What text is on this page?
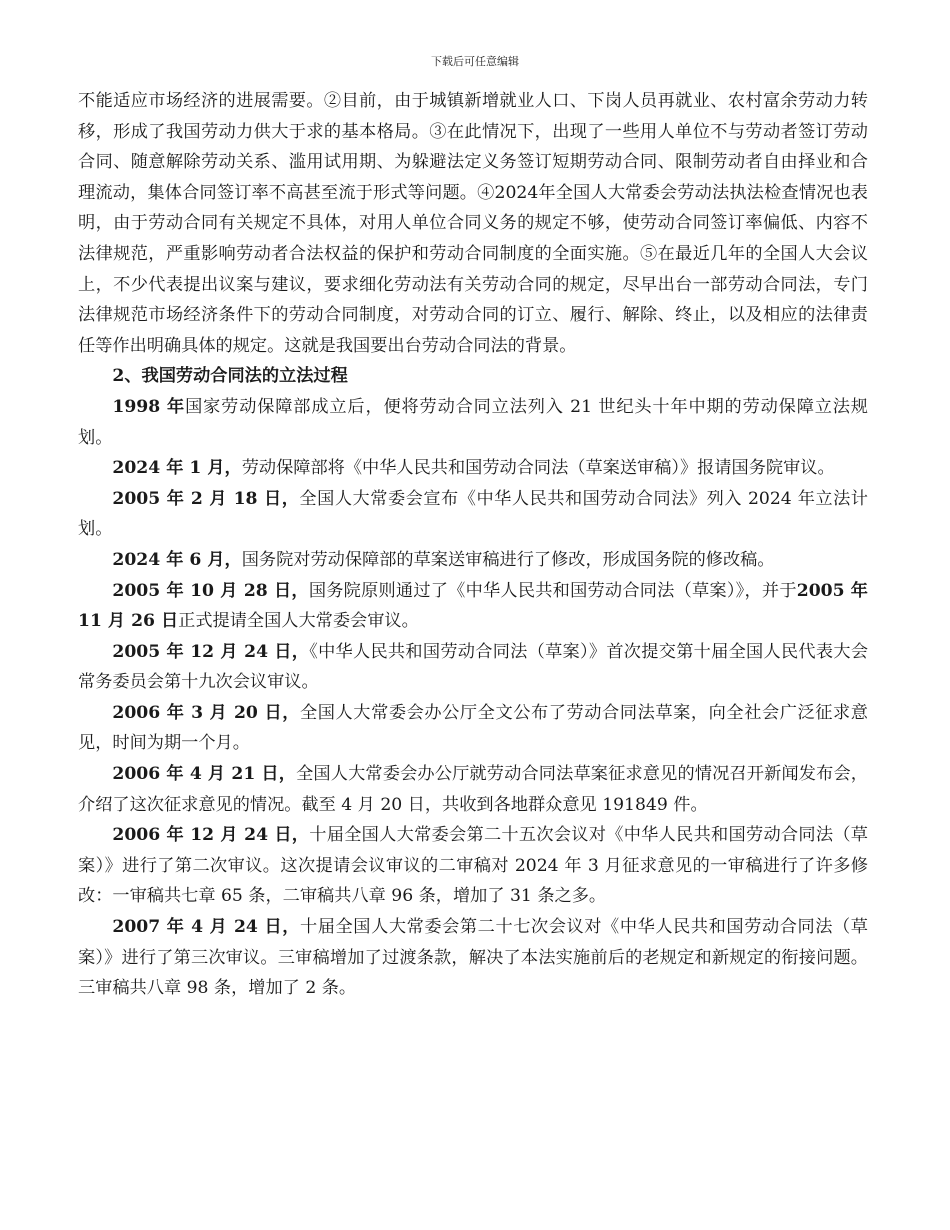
下载后可任意编辑

不能适应市场经济的进展需要。②目前，由于城镇新增就业人口、下岗人员再就业、农村富余劳动力转移，形成了我国劳动力供大于求的基本格局。③在此情况下，出现了一些用人单位不与劳动者签订劳动合同、随意解除劳动关系、滥用试用期、为躲避法定义务签订短期劳动合同、限制劳动者自由择业和合理流动，集体合同签订率不高甚至流于形式等问题。④2024年全国人大常委会劳动法执法检查情况也表明，由于劳动合同有关规定不具体，对用人单位合同义务的规定不够，使劳动合同签订率偏低、内容不法律规范，严重影响劳动者合法权益的保护和劳动合同制度的全面实施。⑤在最近几年的全国人大会议上，不少代表提出议案与建议，要求细化劳动法有关劳动合同的规定，尽早出台一部劳动合同法，专门法律规范市场经济条件下的劳动合同制度，对劳动合同的订立、履行、解除、终止，以及相应的法律责任等作出明确具体的规定。这就是我国要出台劳动合同法的背景。

2、我国劳动合同法的立法过程

1998 年国家劳动保障部成立后，便将劳动合同立法列入 21 世纪头十年中期的劳动保障立法规划。

2024 年 1 月，劳动保障部将《中华人民共和国劳动合同法（草案送审稿）》报请国务院审议。

2005 年 2 月 18 日，全国人大常委会宣布《中华人民共和国劳动合同法》列入 2024 年立法计划。

2024 年 6 月，国务院对劳动保障部的草案送审稿进行了修改，形成国务院的修改稿。

2005 年 10 月 28 日，国务院原则通过了《中华人民共和国劳动合同法（草案）》，并于2005 年 11 月 26 日正式提请全国人大常委会审议。

2005 年 12 月 24 日，《中华人民共和国劳动合同法（草案）》首次提交第十届全国人民代表大会常务委员会第十九次会议审议。

2006 年 3 月 20 日，全国人大常委会办公厅全文公布了劳动合同法草案，向全社会广泛征求意见，时间为期一个月。

2006 年 4 月 21 日，全国人大常委会办公厅就劳动合同法草案征求意见的情况召开新闻发布会，介绍了这次征求意见的情况。截至 4 月 20 日，共收到各地群众意见 191849 件。

2006 年 12 月 24 日，十届全国人大常委会第二十五次会议对《中华人民共和国劳动合同法（草案）》进行了第二次审议。这次提请会议审议的二审稿对 2024 年 3 月征求意见的一审稿进行了许多修改：一审稿共七章 65 条，二审稿共八章 96 条，增加了 31 条之多。

2007 年 4 月 24 日，十届全国人大常委会第二十七次会议对《中华人民共和国劳动合同法（草案）》进行了第三次审议。三审稿增加了过渡条款，解决了本法实施前后的老规定和新规定的衔接问题。三审稿共八章 98 条，增加了 2 条。
